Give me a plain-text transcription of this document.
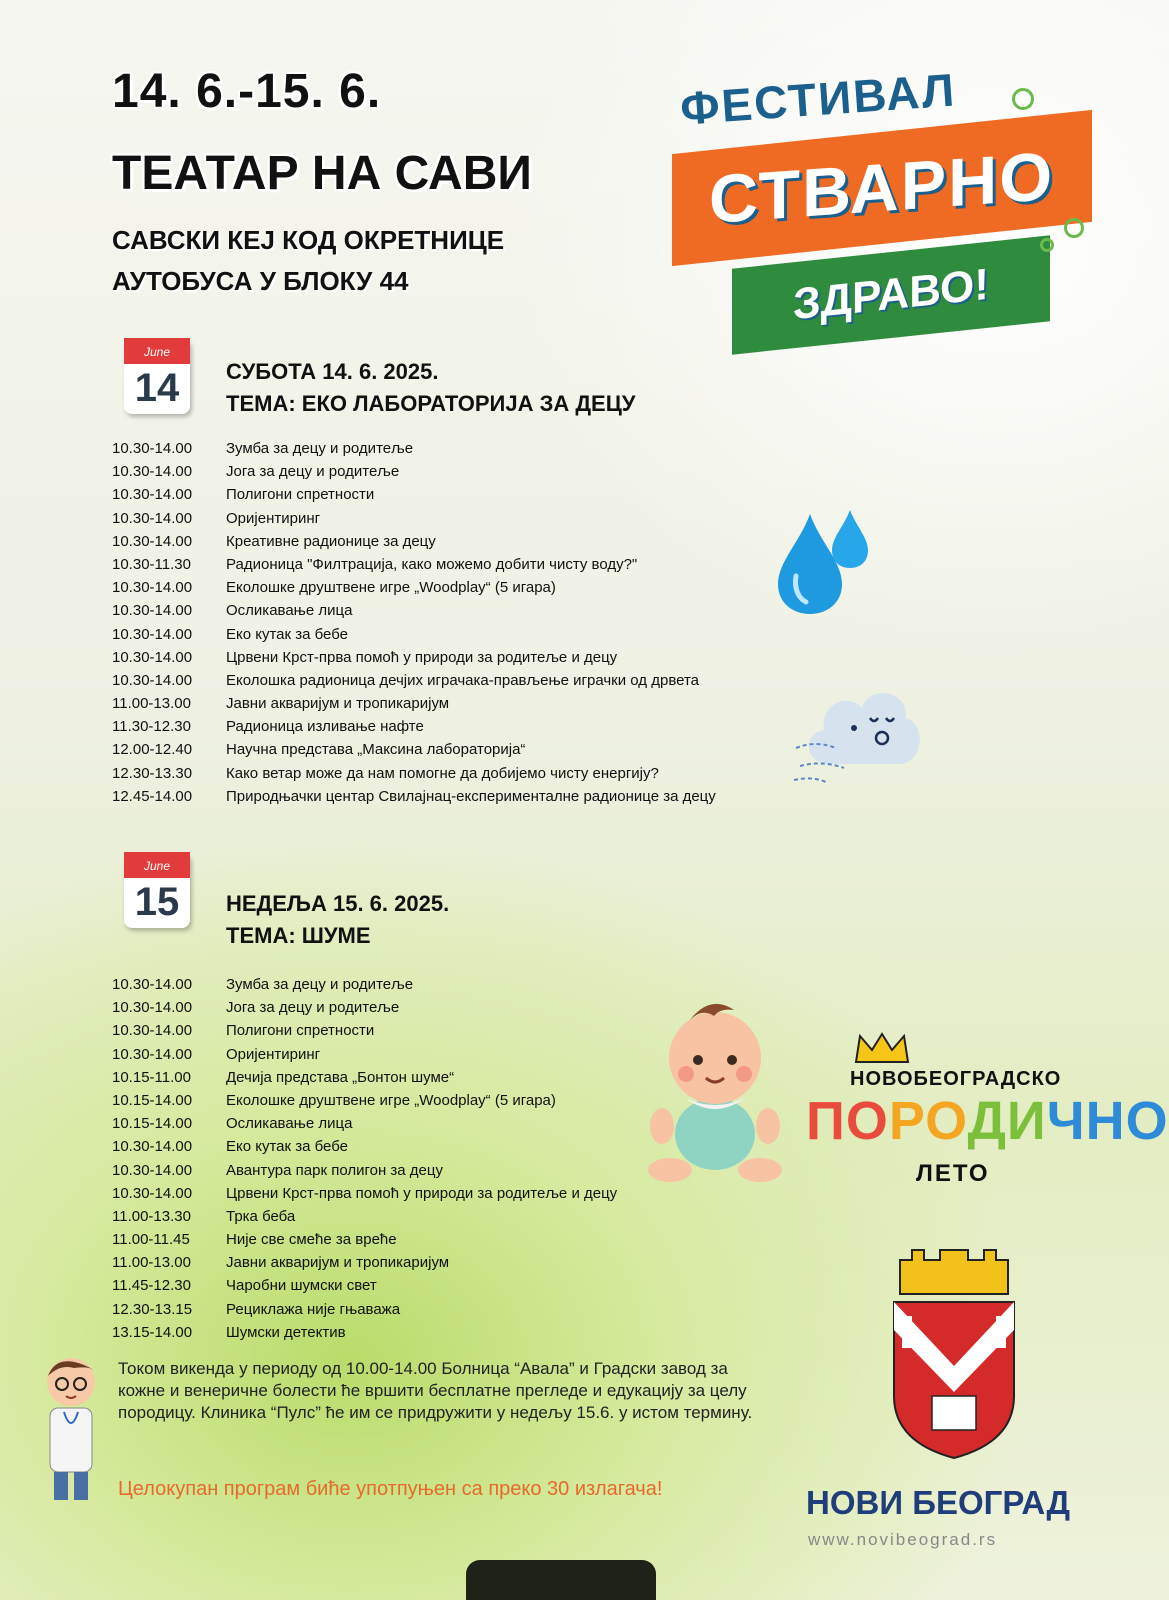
14. 6.-15. 6.
ТЕАТАР НА САВИ
САВСКИ КЕЈ КОД ОКРЕТНИЦЕ
АУТОБУСА У БЛОКУ 44
ФЕСТИВАЛ
СТВАРНО
ЗДРАВО!
June
14	СУБОТА 14. 6. 2025.
ТЕМА: ЕКО ЛАБОРАТОРИЈА ЗА ДЕЦУ
10.30-14.00	Зумба за децу и родитеље
10.30-14.00	Јога за децу и родитеље
10.30-14.00	Полигони спретности
10.30-14.00	Оријентиринг
10.30-14.00	Креативне радионице за децу
10.30-11.30	Радионица "Филтрација, како можемо добити чисту воду?"
10.30-14.00	Еколошке друштвене игре „Woodplay“ (5 игара)
10.30-14.00	Осликавање лица
10.30-14.00	Еко кутак за бебе
10.30-14.00	Црвени Крст-прва помоћ у природи за родитеље и децу
10.30-14.00	Еколошка радионица дечјих играчака-прављење играчки од дрвета
11.00-13.00	Јавни акваријум и тропикаријум
11.30-12.30	Радионица изливање нафте
12.00-12.40	Научна представа „Максина лабораторија“
12.30-13.30	Како ветар може да нам помогне да добијемо чисту енергију?
12.45-14.00	Природњачки центар Свилајнац-експерименталне радионице за децу
June
15	НЕДЕЉА 15. 6. 2025.
ТЕМА: ШУМЕ
10.30-14.00	Зумба за децу и родитеље
10.30-14.00	Јога за децу и родитеље
10.30-14.00	Полигони спретности
10.30-14.00	Оријентиринг
10.15-11.00	Дечија представа „Бонтон шуме“
10.15-14.00	Еколошке друштвене игре „Woodplay“ (5 игара)
10.15-14.00	Осликавање лица
10.30-14.00	Еко кутак за бебе
10.30-14.00	Авантура парк полигон за децу
10.30-14.00	Црвени Крст-прва помоћ у природи за родитеље и децу
11.00-13.30	Трка беба
11.00-11.45	Није све смеће за вреће
11.00-13.00	Јавни акваријум и тропикаријум
11.45-12.30	Чаробни шумски свет
12.30-13.15	Рециклажа није гњаважа
13.15-14.00	Шумски детектив
НОВОБЕОГРАДСКО
ПОРОДИЧНО
ЛЕТО
НОВИ БЕОГРАД
www.novibeograd.rs
Током викенда у периоду од 10.00-14.00 Болница “Авала” и Градски завод за кожне и венеричне болести ће вршити бесплатне прегледе и едукацију за целу породицу. Клиника “Пулс” ће им се придружити у недељу 15.6. у истом термину.
Целокупан програм биће употпуњен са преко 30 излагача!
